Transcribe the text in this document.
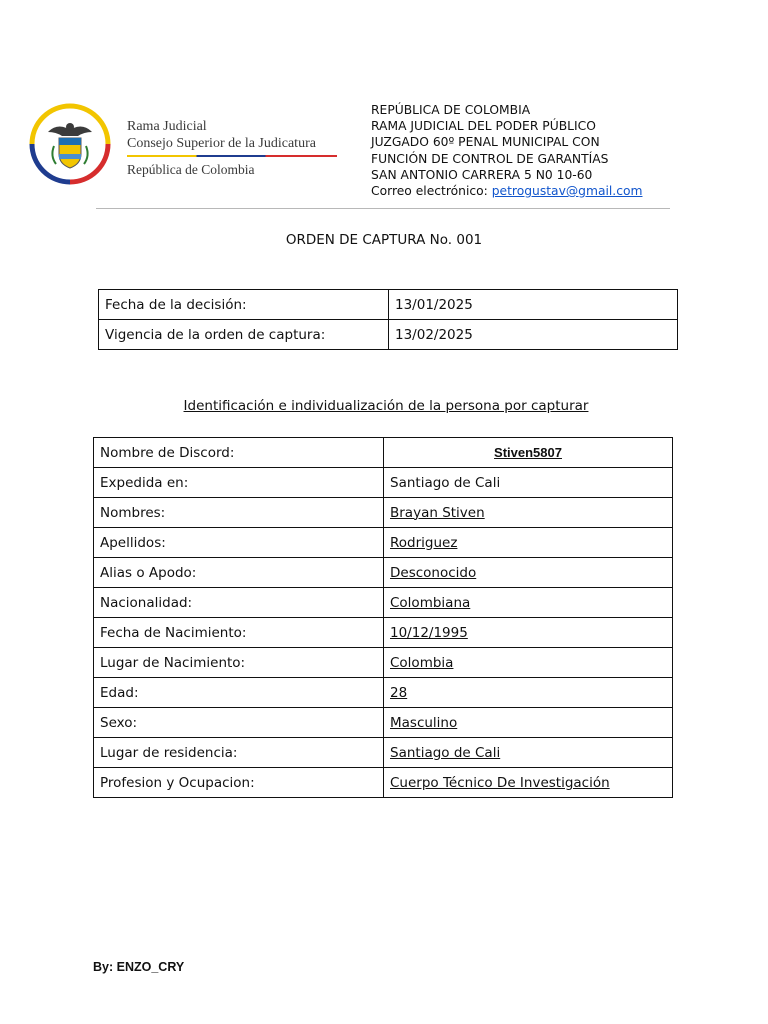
Rama Judicial
Consejo Superior de la Judicatura
República de Colombia
REPÚBLICA DE COLOMBIA
RAMA JUDICIAL DEL PODER PÚBLICO
JUZGADO 60º PENAL MUNICIPAL CON
FUNCIÓN DE CONTROL DE GARANTÍAS
SAN ANTONIO CARRERA 5 N0 10-60
Correo electrónico: petrogustav@gmail.com
ORDEN DE CAPTURA No. 001
Fecha de la decisión:	13/01/2025
Vigencia de la orden de captura:	13/02/2025
Identificación e individualización de la persona por capturar
Nombre de Discord:	Stiven5807
Expedida en:	Santiago de Cali
Nombres:	Brayan Stiven
Apellidos:	Rodriguez
Alias o Apodo:	Desconocido
Nacionalidad:	Colombiana
Fecha de Nacimiento:	10/12/1995
Lugar de Nacimiento:	Colombia
Edad:	28
Sexo:	Masculino
Lugar de residencia:	Santiago de Cali
Profesion y Ocupacion:	Cuerpo Técnico De Investigación
By: ENZO_CRY
